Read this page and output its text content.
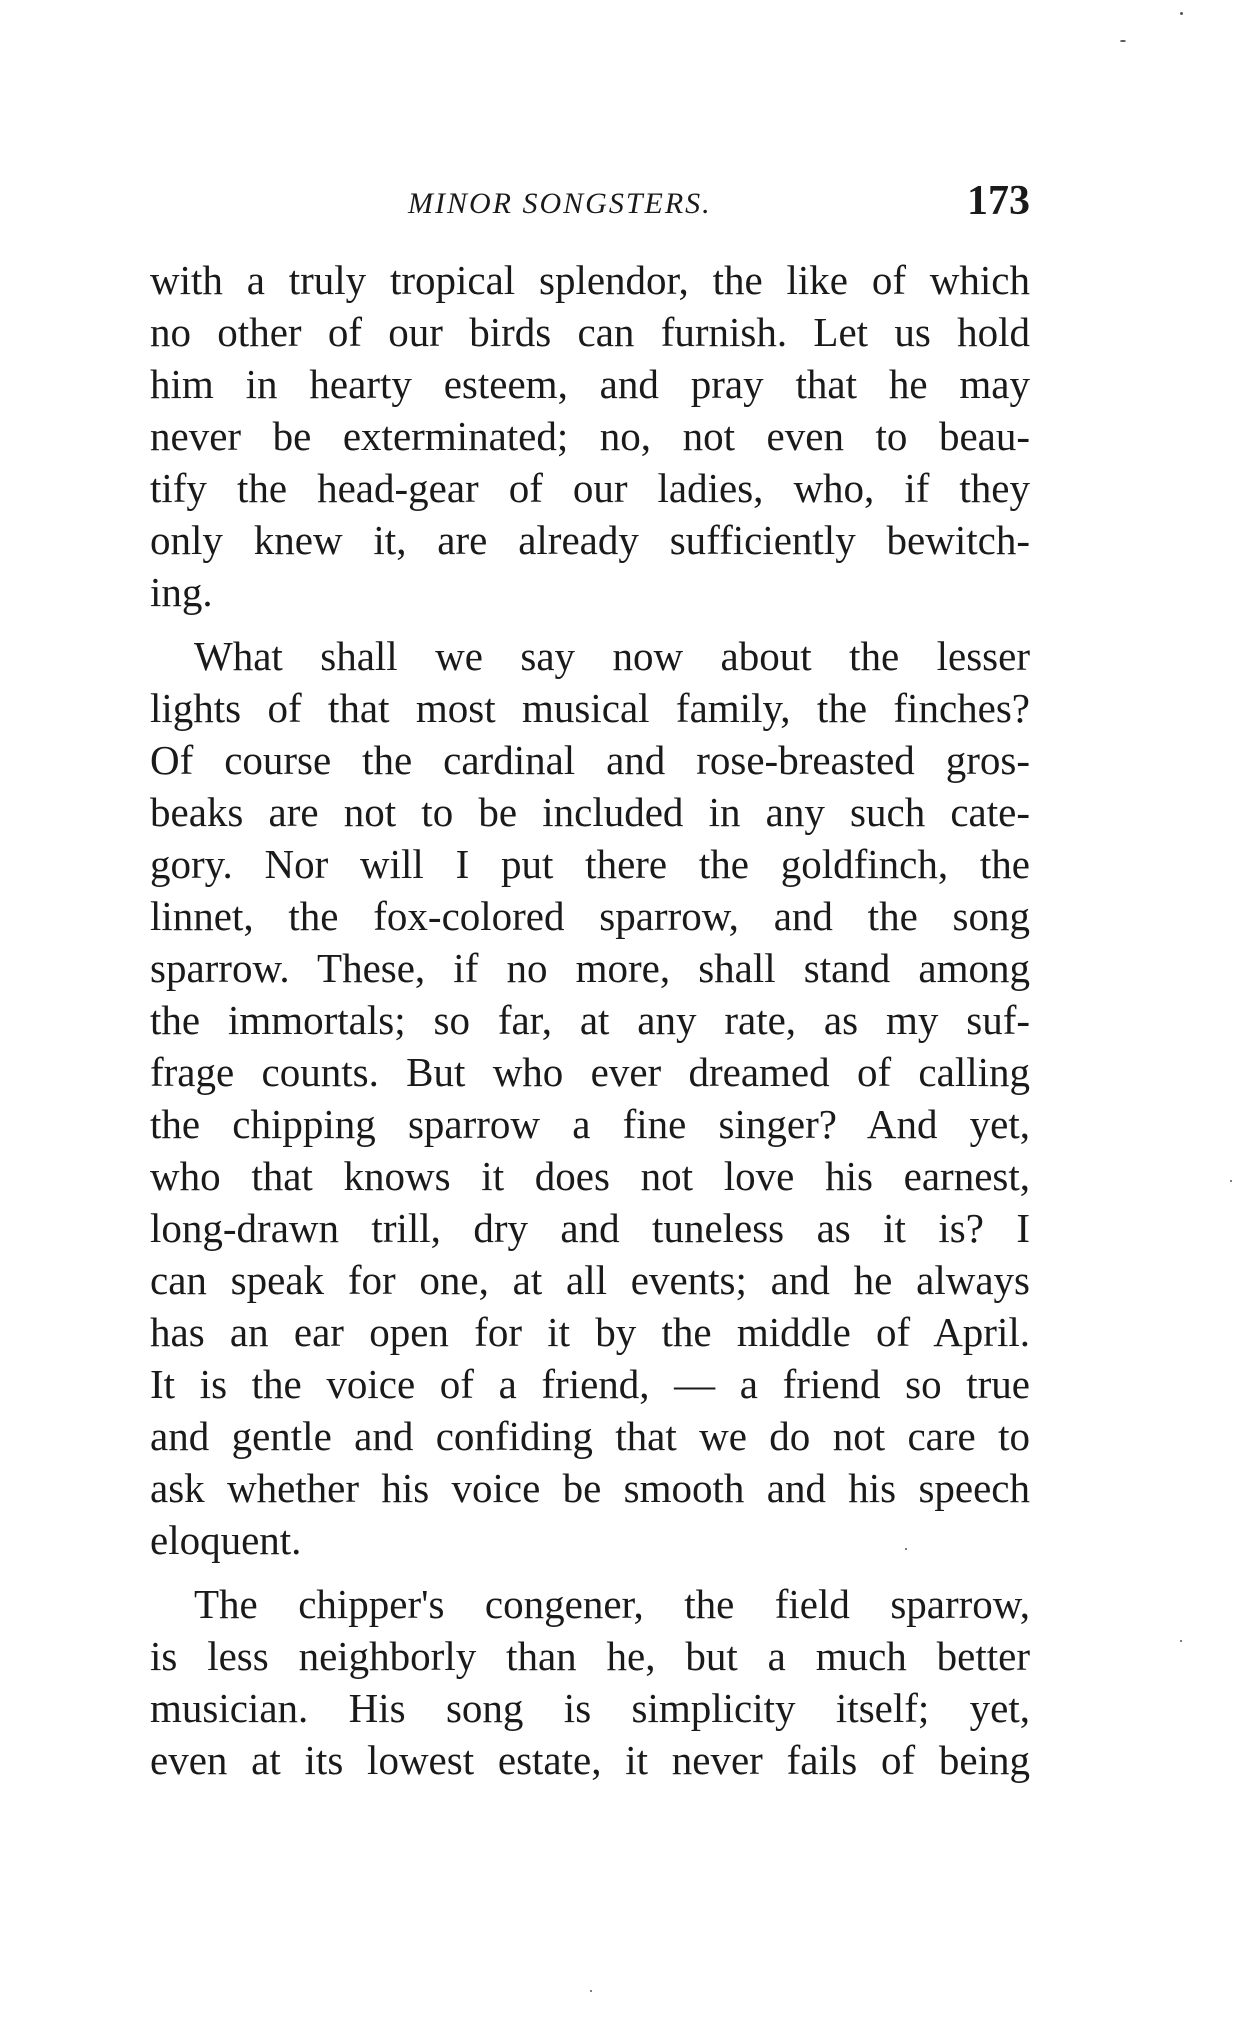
MINOR SONGSTERS.	173
with a truly tropical splendor, the like of which
no other of our birds can furnish. Let us hold
him in hearty esteem, and pray that he may
never be exterminated; no, not even to beau-
tify the head-gear of our ladies, who, if they
only knew it, are already sufficiently bewitch-
ing.
What shall we say now about the lesser
lights of that most musical family, the finches?
Of course the cardinal and rose-breasted gros-
beaks are not to be included in any such cate-
gory. Nor will I put there the goldfinch, the
linnet, the fox-colored sparrow, and the song
sparrow. These, if no more, shall stand among
the immortals; so far, at any rate, as my suf-
frage counts. But who ever dreamed of calling
the chipping sparrow a fine singer? And yet,
who that knows it does not love his earnest,
long-drawn trill, dry and tuneless as it is? I
can speak for one, at all events; and he always
has an ear open for it by the middle of April.
It is the voice of a friend, — a friend so true
and gentle and confiding that we do not care to
ask whether his voice be smooth and his speech
eloquent.
The chipper's congener, the field sparrow,
is less neighborly than he, but a much better
musician. His song is simplicity itself; yet,
even at its lowest estate, it never fails of being
